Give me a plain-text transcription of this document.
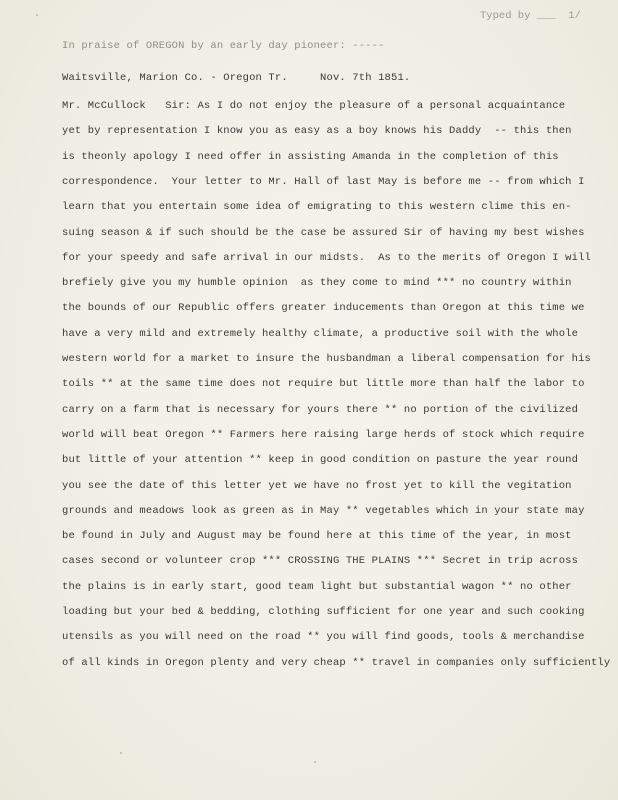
Typed by ___  1/
In praise of OREGON by an early day pioneer: -----
Waitsville, Marion Co. - Oregon Tr.     Nov. 7th 1851.
Mr. McCullock   Sir: As I do not enjoy the pleasure of a personal acquaintance
yet by representation I know you as easy as a boy knows his Daddy  -- this then
is theonly apology I need offer in assisting Amanda in the completion of this
correspondence.  Your letter to Mr. Hall of last May is before me -- from which I
learn that you entertain some idea of emigrating to this western clime this en-
suing season & if such should be the case be assured Sir of having my best wishes
for your speedy and safe arrival in our midsts.  As to the merits of Oregon I will
brefiely give you my humble opinion  as they come to mind *** no country within
the bounds of our Republic offers greater inducements than Oregon at this time we
have a very mild and extremely healthy climate, a productive soil with the whole
western world for a market to insure the husbandman a liberal compensation for his
toils ** at the same time does not require but little more than half the labor to
carry on a farm that is necessary for yours there ** no portion of the civilized
world will beat Oregon ** Farmers here raising large herds of stock which require
but little of your attention ** keep in good condition on pasture the year round
you see the date of this letter yet we have no frost yet to kill the vegitation
grounds and meadows look as green as in May ** vegetables which in your state may
be found in July and August may be found here at this time of the year, in most
cases second or volunteer crop *** CROSSING THE PLAINS *** Secret in trip across
the plains is in early start, good team light but substantial wagon ** no other
loading but your bed & bedding, clothing sufficient for one year and such cooking
utensils as you will need on the road ** you will find goods, tools & merchandise
of all kinds in Oregon plenty and very cheap ** travel in companies only sufficiently
